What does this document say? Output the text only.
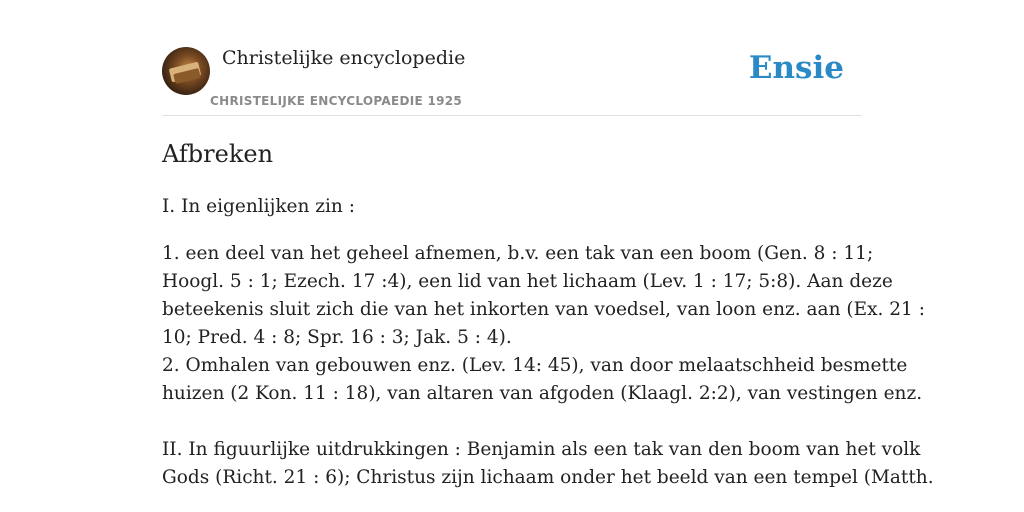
Christelijke encyclopedie
CHRISTELIJKE ENCYCLOPAEDIE 1925
Ensie
Afbreken

I. In eigenlijken zin :

1. een deel van het geheel afnemen, b.v. een tak van een boom (Gen. 8 : 11;
Hoogl. 5 : 1; Ezech. 17 :4), een lid van het lichaam (Lev. 1 : 17; 5:8). Aan deze
beteekenis sluit zich die van het inkorten van voedsel, van loon enz. aan (Ex. 21 :
10; Pred. 4 : 8; Spr. 16 : 3; Jak. 5 : 4).
2. Omhalen van gebouwen enz. (Lev. 14: 45), van door melaatschheid besmette
huizen (2 Kon. 11 : 18), van altaren van afgoden (Klaagl. 2:2), van vestingen enz.

II. In figuurlijke uitdrukkingen : Benjamin als een tak van den boom van het volk
Gods (Richt. 21 : 6); Christus zijn lichaam onder het beeld van een tempel (Matth.
